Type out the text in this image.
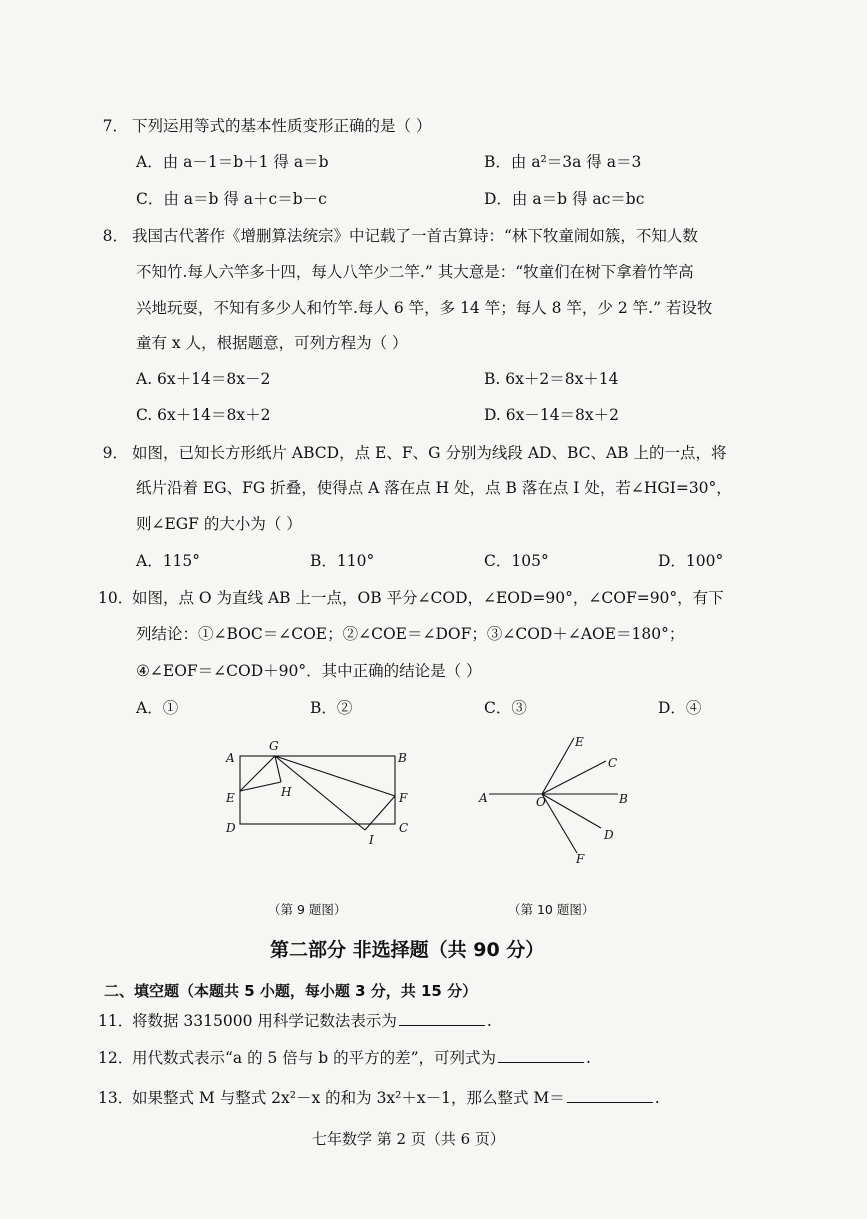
7． 下列运用等式的基本性质变形正确的是（ ）
A．由 a－1＝b＋1 得 a＝b	B．由 a²＝3a 得 a＝3
C．由 a＝b 得 a＋c＝b－c	D．由 a＝b 得 ac＝bc
8． 我国古代著作《增删算法统宗》中记载了一首古算诗：“林下牧童闹如簇，不知人数
不知竹.每人六竿多十四，每人八竿少二竿.” 其大意是：“牧童们在树下拿着竹竿高
兴地玩耍，不知有多少人和竹竿.每人 6 竿，多 14 竿；每人 8 竿，少 2 竿.” 若设牧
童有 x 人，根据题意，可列方程为（ ）
A. 6x＋14＝8x－2	B. 6x＋2＝8x＋14
C. 6x＋14＝8x＋2	D. 6x－14＝8x＋2
9． 如图，已知长方形纸片 ABCD，点 E、F、G 分别为线段 AD、BC、AB 上的一点，将
纸片沿着 EG、FG 折叠，使得点 A 落在点 H 处，点 B 落在点 I 处，若∠HGI=30°，
则∠EGF 的大小为（ ）
A．115°	B．110°	C．105°	D．100°
10．如图，点 O 为直线 AB 上一点，OB 平分∠COD，∠EOD=90°，∠COF=90°，有下
列结论：①∠BOC＝∠COE；②∠COE＝∠DOF；③∠COD＋∠AOE＝180°；
④∠EOF＝∠COD＋90°．其中正确的结论是（ ）
A．①	B．②	C．③	D．④
A
G
B
E	H	F
D	C
I
A	O	B
E
C
D
F
（第 9 题图）	（第 10 题图）
第二部分 非选择题（共 90 分）
二、填空题（本题共 5 小题，每小题 3 分，共 15 分）
11．将数据 3315000 用科学记数法表示为	.
12．用代数式表示“a 的 5 倍与 b 的平方的差”，可列式为	.
13．如果整式 M 与整式 2x²－x 的和为 3x²＋x－1，那么整式 M＝	.
七年数学 第 2 页（共 6 页）
